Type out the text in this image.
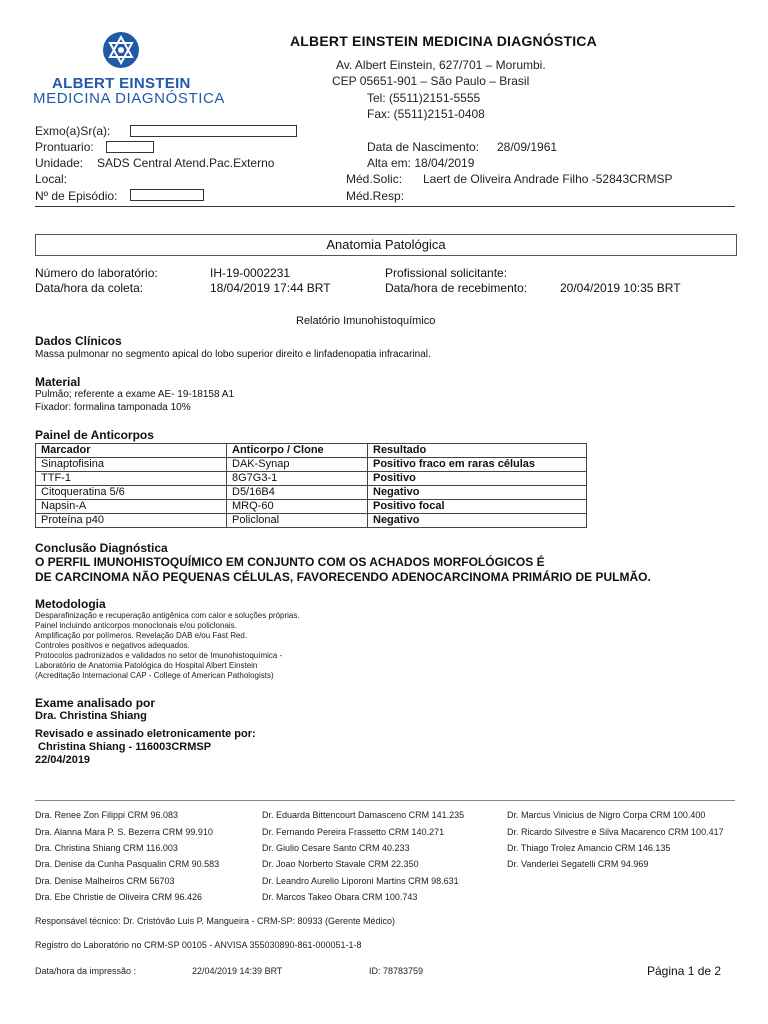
ALBERT EINSTEIN
MEDICINA DIAGNÓSTICA
ALBERT EINSTEIN MEDICINA DIAGNÓSTICA
Av. Albert Einstein, 627/701 – Morumbi.
CEP 05651-901 – São Paulo – Brasil
Tel: (5511)2151-5555
Fax: (5511)2151-0408
Exmo(a)Sr(a):
Prontuario:
Unidade: SADS Central Atend.Pac.Externo
Local:
Nº de Episódio:
Data de Nascimento: 28/09/1961
Alta em: 18/04/2019
Méd.Solic: Laert de Oliveira Andrade Filho -52843CRMSP
Méd.Resp:
Anatomia Patológica
Número do laboratório:	IH-19-0002231
Data/hora da coleta:	18/04/2019 17:44 BRT
Profissional solicitante:
Data/hora de recebimento:	20/04/2019 10:35 BRT
Relatório Imunohistoquímico
Dados Clínicos
Massa pulmonar no segmento apical do lobo superior direito e linfadenopatia infracarinal.
Material
Pulmão; referente a exame AE- 19-18158 A1
Fixador: formalina tamponada 10%
Painel de Anticorpos
Marcador	Anticorpo / Clone	Resultado
Sinaptofisina	DAK-Synap	Positivo fraco em raras células
TTF-1	8G7G3-1	Positivo
Citoqueratina 5/6	D5/16B4	Negativo
Napsin-A	MRQ-60	Positivo focal
Proteína p40	Policlonal	Negativo
Conclusão Diagnóstica
O PERFIL IMUNOHISTOQUÍMICO EM CONJUNTO COM OS ACHADOS MORFOLÓGICOS É
DE CARCINOMA NÃO PEQUENAS CÉLULAS, FAVORECENDO ADENOCARCINOMA PRIMÁRIO DE PULMÃO.
Metodologia
Desparafinização e recuperação antigênica com calor e soluções próprias.
Painel incluindo anticorpos monoclonais e/ou policlonais.
Amplificação por polímeros. Revelação DAB e/ou Fast Red.
Controles positivos e negativos adequados.
Protocolos padronizados e validados no setor de Imunohistoquímica -
Laboratório de Anatomia Patológica do Hospital Albert Einstein
(Acreditação Internacional CAP - College of American Pathologists)
Exame analisado por
Dra. Christina Shiang
Revisado e assinado eletronicamente por:
Christina Shiang - 116003CRMSP
22/04/2019
Dra. Renee Zon Filippi CRM 96.083
Dra. Alanna Mara P. S. Bezerra CRM 99.910
Dra. Christina Shiang CRM 116.003
Dra. Denise da Cunha Pasqualin CRM 90.583
Dra. Denise Malheiros CRM 56703
Dra. Ebe Christie de Oliveira CRM 96.426
Dr. Eduarda Bittencourt Damasceno CRM 141.235
Dr. Fernando Pereira Frassetto CRM 140.271
Dr. Giulio Cesare Santo CRM 40.233
Dr. Joao Norberto Stavale CRM 22.350
Dr. Leandro Aurelio Liporoni Martins CRM 98.631
Dr. Marcos Takeo Obara CRM 100.743
Dr. Marcus Vinicius de Nigro Corpa CRM 100.400
Dr. Ricardo Silvestre e Silva Macarenco CRM 100.417
Dr. Thiago Trolez Amancio CRM 146.135
Dr. Vanderlei Segatelli CRM 94.969
Responsável técnico: Dr. Cristóvão Luis P. Mangueira - CRM-SP: 80933 (Gerente Médico)
Registro do Laboratório no CRM-SP 00105 - ANVISA 355030890-861-000051-1-8
Data/hora da impressão :	22/04/2019 14:39 BRT	ID: 78783759	Página 1 de 2
